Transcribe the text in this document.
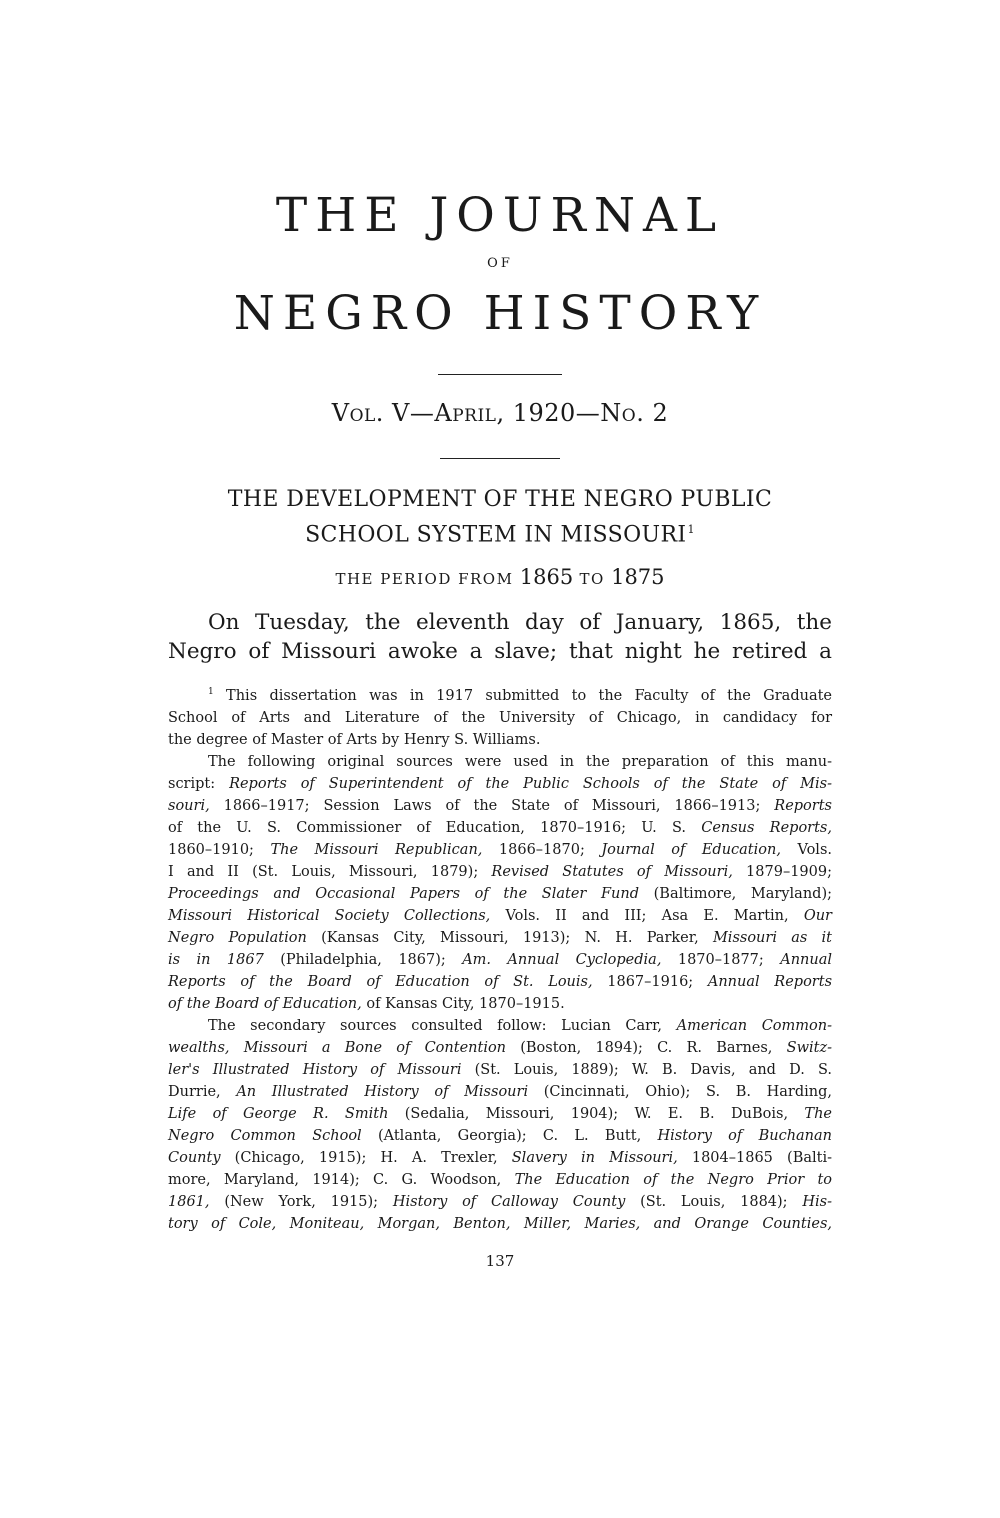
THE JOURNAL
OF
NEGRO HISTORY
Vol. V—April, 1920—No. 2
THE DEVELOPMENT OF THE NEGRO PUBLIC
SCHOOL SYSTEM IN MISSOURI$^1$
THE PERIOD FROM 1865 TO 1875
On Tuesday, the eleventh day of January, 1865, the
Negro of Missouri awoke a slave; that night he retired a
$^1$ This dissertation was in 1917 submitted to the Faculty of the Graduate
School of Arts and Literature of the University of Chicago, in candidacy for
the degree of Master of Arts by Henry S. Williams.
The following original sources were used in the preparation of this manu-
script: Reports of Superintendent of the Public Schools of the State of Mis-
souri, 1866–1917; Session Laws of the State of Missouri, 1866–1913; Reports
of the U. S. Commissioner of Education, 1870–1916; U. S. Census Reports,
1860–1910; The Missouri Republican, 1866–1870; Journal of Education, Vols.
I and II (St. Louis, Missouri, 1879); Revised Statutes of Missouri, 1879–1909;
Proceedings and Occasional Papers of the Slater Fund (Baltimore, Maryland);
Missouri Historical Society Collections, Vols. II and III; Asa E. Martin, Our
Negro Population (Kansas City, Missouri, 1913); N. H. Parker, Missouri as it
is in 1867 (Philadelphia, 1867); Am. Annual Cyclopedia, 1870–1877; Annual
Reports of the Board of Education of St. Louis, 1867–1916; Annual Reports
of the Board of Education, of Kansas City, 1870–1915.
The secondary sources consulted follow: Lucian Carr, American Common-
wealths, Missouri a Bone of Contention (Boston, 1894); C. R. Barnes, Switz-
ler's Illustrated History of Missouri (St. Louis, 1889); W. B. Davis, and D. S.
Durrie, An Illustrated History of Missouri (Cincinnati, Ohio); S. B. Harding,
Life of George R. Smith (Sedalia, Missouri, 1904); W. E. B. DuBois, The
Negro Common School (Atlanta, Georgia); C. L. Butt, History of Buchanan
County (Chicago, 1915); H. A. Trexler, Slavery in Missouri, 1804–1865 (Balti-
more, Maryland, 1914); C. G. Woodson, The Education of the Negro Prior to
1861, (New York, 1915); History of Calloway County (St. Louis, 1884); His-
tory of Cole, Moniteau, Morgan, Benton, Miller, Maries, and Orange Counties,
137
